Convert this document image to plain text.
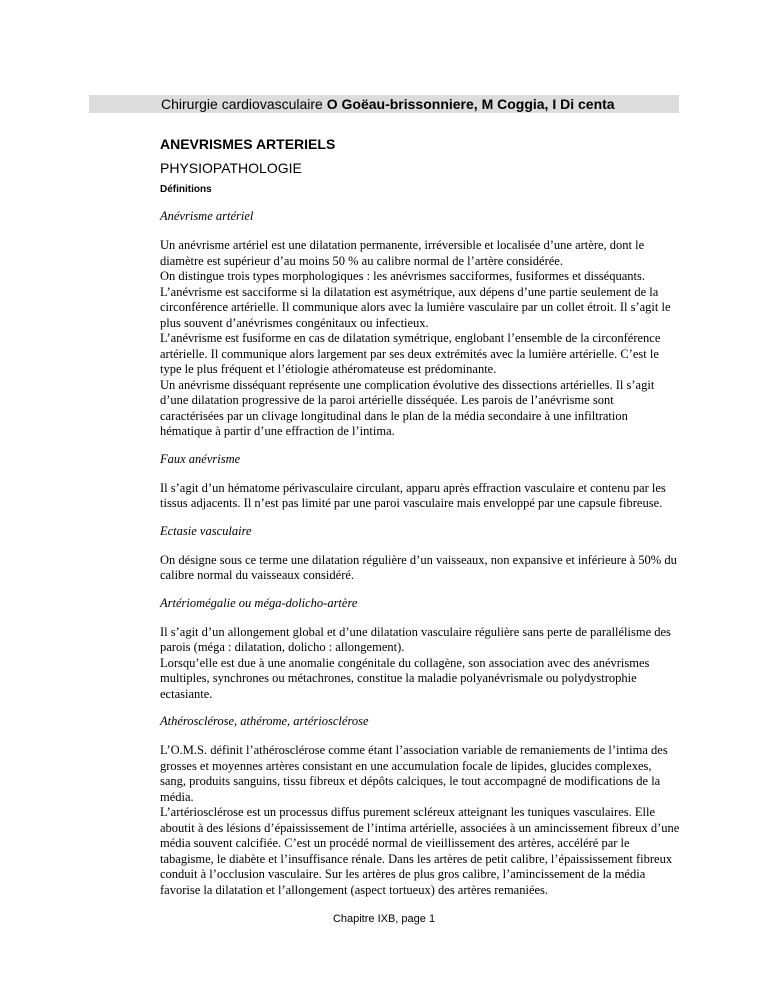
Chirurgie cardiovasculaire O Goëau-brissonniere, M Coggia, I Di centa
ANEVRISMES ARTERIELS
PHYSIOPATHOLOGIE
Définitions

Anévrisme artériel

Un anévrisme artériel est une dilatation permanente, irréversible et localisée d’une artère, dont le diamètre est supérieur d’au moins 50 % au calibre normal de l’artère considérée.
On distingue trois types morphologiques : les anévrismes sacciformes, fusiformes et disséquants.
L’anévrisme est sacciforme si la dilatation est asymétrique, aux dépens d’une partie seulement de la circonférence artérielle. Il communique alors avec la lumière vasculaire par un collet étroit. Il s’agit le plus souvent d’anévrismes congénitaux ou infectieux.
L’anévrisme est fusiforme en cas de dilatation symétrique, englobant l’ensemble de la circonférence artérielle. Il communique alors largement par ses deux extrémités avec la lumière artérielle. C’est le type le plus fréquent et l’étiologie athéromateuse est prédominante.
Un anévrisme disséquant représente une complication évolutive des dissections artérielles. Il s’agit d’une dilatation progressive de la paroi artérielle disséquée. Les parois de l’anévrisme sont caractérisées par un clivage longitudinal dans le plan de la média secondaire à une infiltration hématique à partir d’une effraction de l’intima.

Faux anévrisme

Il s’agit d’un hématome périvasculaire circulant, apparu après effraction vasculaire et contenu par les tissus adjacents. Il n’est pas limité par une paroi vasculaire mais enveloppé par une capsule fibreuse.

Ectasie vasculaire

On désigne sous ce terme une dilatation régulière d’un vaisseaux, non expansive et inférieure à 50% du calibre normal du vaisseaux considéré.

Artériomégalie ou méga-dolicho-artère

Il s’agit d’un allongement global et d’une dilatation vasculaire régulière sans perte de parallélisme des parois (méga : dilatation, dolicho : allongement).
Lorsqu’elle est due à une anomalie congénitale du collagène, son association avec des anévrismes multiples, synchrones ou métachrones, constitue la maladie polyanévrismale ou polydystrophie ectasiante.

Athérosclérose, athérome, artériosclérose

L’O.M.S. définit l’athérosclérose comme étant l’association variable de remaniements de l’intima des grosses et moyennes artères consistant en une accumulation focale de lipides, glucides complexes, sang, produits sanguins, tissu fibreux et dépôts calciques, le tout accompagné de modifications de la média.
L’artériosclérose est un processus diffus purement scléreux atteignant les tuniques vasculaires. Elle aboutit à des lésions d’épaississement de l’intima artérielle, associées à un amincissement fibreux d’une média souvent calcifiée. C’est un procédé normal de vieillissement des artères, accéléré par le tabagisme, le diabète et l’insuffisance rénale. Dans les artères de petit calibre, l’épaississement fibreux conduit à l’occlusion vasculaire. Sur les artères de plus gros calibre, l’amincissement de la média favorise la dilatation et l’allongement (aspect tortueux) des artères remaniées.

Chapitre IXB, page 1
